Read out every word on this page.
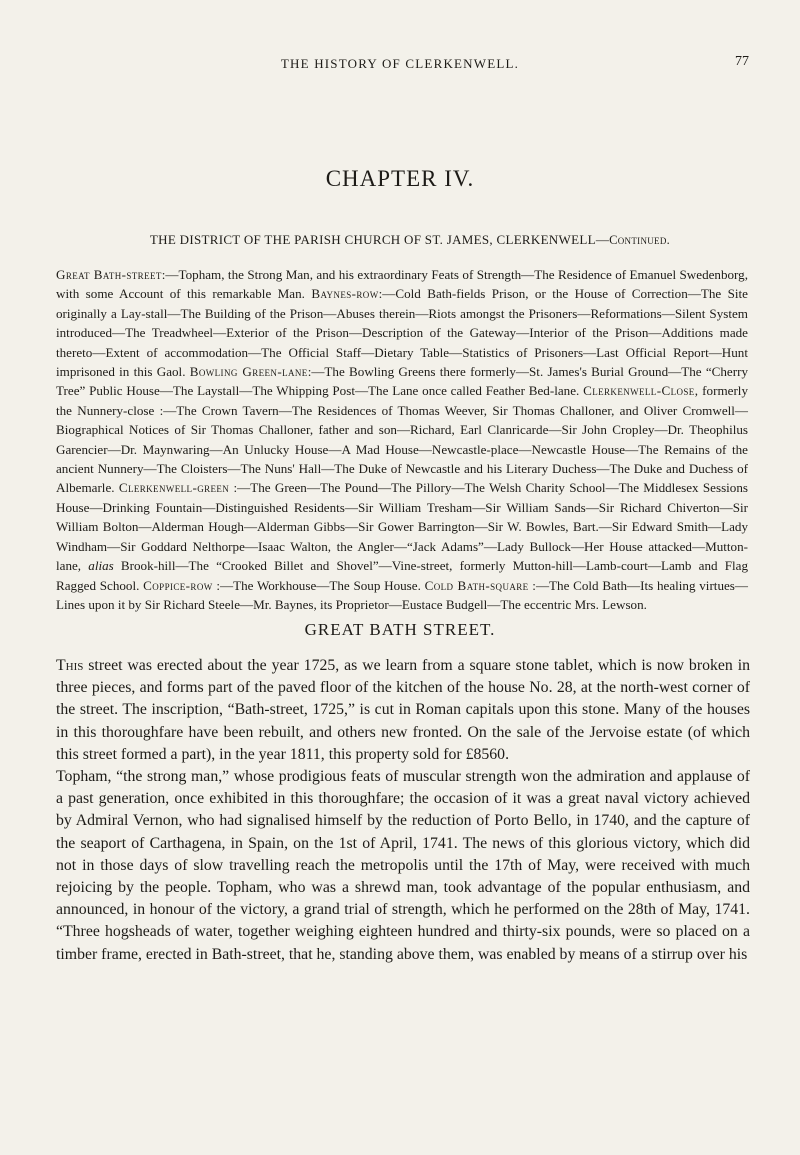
THE HISTORY OF CLERKENWELL.	77
CHAPTER IV.
THE DISTRICT OF THE PARISH CHURCH OF ST. JAMES, CLERKENWELL—Continued.
Great Bath-street:—Topham, the Strong Man, and his extraordinary Feats of Strength—The Residence of Emanuel Swedenborg, with some Account of this remarkable Man. Baynes-row:—Cold Bath-fields Prison, or the House of Correction—The Site originally a Lay-stall—The Building of the Prison—Abuses therein—Riots amongst the Prisoners—Reformations—Silent System introduced—The Treadwheel—Exterior of the Prison—Description of the Gateway—Interior of the Prison—Additions made thereto—Extent of accommodation—The Official Staff—Dietary Table—Statistics of Prisoners—Last Official Report—Hunt imprisoned in this Gaol. Bowling Green-lane:—The Bowling Greens there formerly—St. James's Burial Ground—The “Cherry Tree” Public House—The Laystall—The Whipping Post—The Lane once called Feather Bed-lane. Clerkenwell-Close, formerly the Nunnery-close :—The Crown Tavern—The Residences of Thomas Weever, Sir Thomas Challoner, and Oliver Cromwell—Biographical Notices of Sir Thomas Challoner, father and son—Richard, Earl Clanricarde—Sir John Cropley—Dr. Theophilus Garencier—Dr. Maynwaring—An Unlucky House—A Mad House—Newcastle-place—Newcastle House—The Remains of the ancient Nunnery—The Cloisters—The Nuns' Hall—The Duke of Newcastle and his Literary Duchess—The Duke and Duchess of Albemarle. Clerkenwell-green :—The Green—The Pound—The Pillory—The Welsh Charity School—The Middlesex Sessions House—Drinking Fountain—Distinguished Residents—Sir William Tresham—Sir William Sands—Sir Richard Chiverton—Sir William Bolton—Alderman Hough—Alderman Gibbs—Sir Gower Barrington—Sir W. Bowles, Bart.—Sir Edward Smith—Lady Windham—Sir Goddard Nelthorpe—Isaac Walton, the Angler—“Jack Adams”—Lady Bullock—Her House attacked—Mutton-lane, alias Brook-hill—The “Crooked Billet and Shovel”—Vine-street, formerly Mutton-hill—Lamb-court—Lamb and Flag Ragged School. Coppice-row :—The Workhouse—The Soup House. Cold Bath-square :—The Cold Bath—Its healing virtues—Lines upon it by Sir Richard Steele—Mr. Baynes, its Proprietor—Eustace Budgell—The eccentric Mrs. Lewson.
GREAT BATH STREET.

This street was erected about the year 1725, as we learn from a square stone tablet, which is now broken in three pieces, and forms part of the paved floor of the kitchen of the house No. 28, at the north-west corner of the street. The inscription, “Bath-street, 1725,” is cut in Roman capitals upon this stone. Many of the houses in this thoroughfare have been rebuilt, and others new fronted. On the sale of the Jervoise estate (of which this street formed a part), in the year 1811, this property sold for £8560.

Topham, “the strong man,” whose prodigious feats of muscular strength won the admiration and applause of a past generation, once exhibited in this thoroughfare; the occasion of it was a great naval victory achieved by Admiral Vernon, who had signalised himself by the reduction of Porto Bello, in 1740, and the capture of the seaport of Carthagena, in Spain, on the 1st of April, 1741. The news of this glorious victory, which did not in those days of slow travelling reach the metropolis until the 17th of May, were received with much rejoicing by the people. Topham, who was a shrewd man, took advantage of the popular enthusiasm, and announced, in honour of the victory, a grand trial of strength, which he performed on the 28th of May, 1741. “Three hogsheads of water, together weighing eighteen hundred and thirty-six pounds, were so placed on a timber frame, erected in Bath-street, that he, standing above them, was enabled by means of a stirrup over his
